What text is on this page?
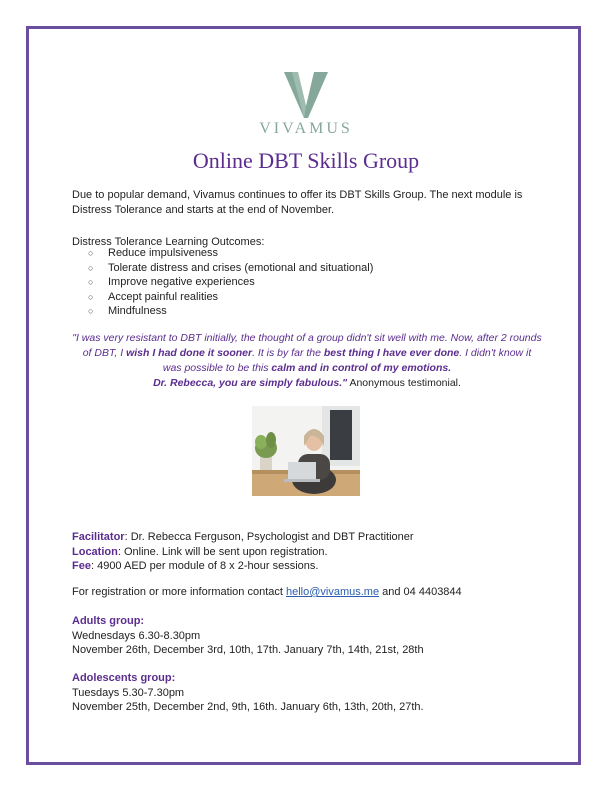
VIVAMUS
Online DBT Skills Group
Due to popular demand, Vivamus continues to offer its DBT Skills Group. The next module is Distress Tolerance and starts at the end of November.
Distress Tolerance Learning Outcomes:
○	Reduce impulsiveness
○	Tolerate distress and crises (emotional and situational)
○	Improve negative experiences
○	Accept painful realities
○	Mindfulness
"I was very resistant to DBT initially, the thought of a group didn't sit well with me. Now, after 2 rounds of DBT, I wish I had done it sooner. It is by far the best thing I have ever done. I didn't know it was possible to be this calm and in control of my emotions.
Dr. Rebecca, you are simply fabulous." Anonymous testimonial.
Facilitator: Dr. Rebecca Ferguson, Psychologist and DBT Practitioner
Location: Online. Link will be sent upon registration.
Fee: 4900 AED per module of 8 x 2-hour sessions.
For registration or more information contact hello@vivamus.me and 04 4403844
Adults group:
Wednesdays 6.30-8.30pm
November 26th, December 3rd, 10th, 17th. January 7th, 14th, 21st, 28th
Adolescents group:
Tuesdays 5.30-7.30pm
November 25th, December 2nd, 9th, 16th. January 6th, 13th, 20th, 27th.
